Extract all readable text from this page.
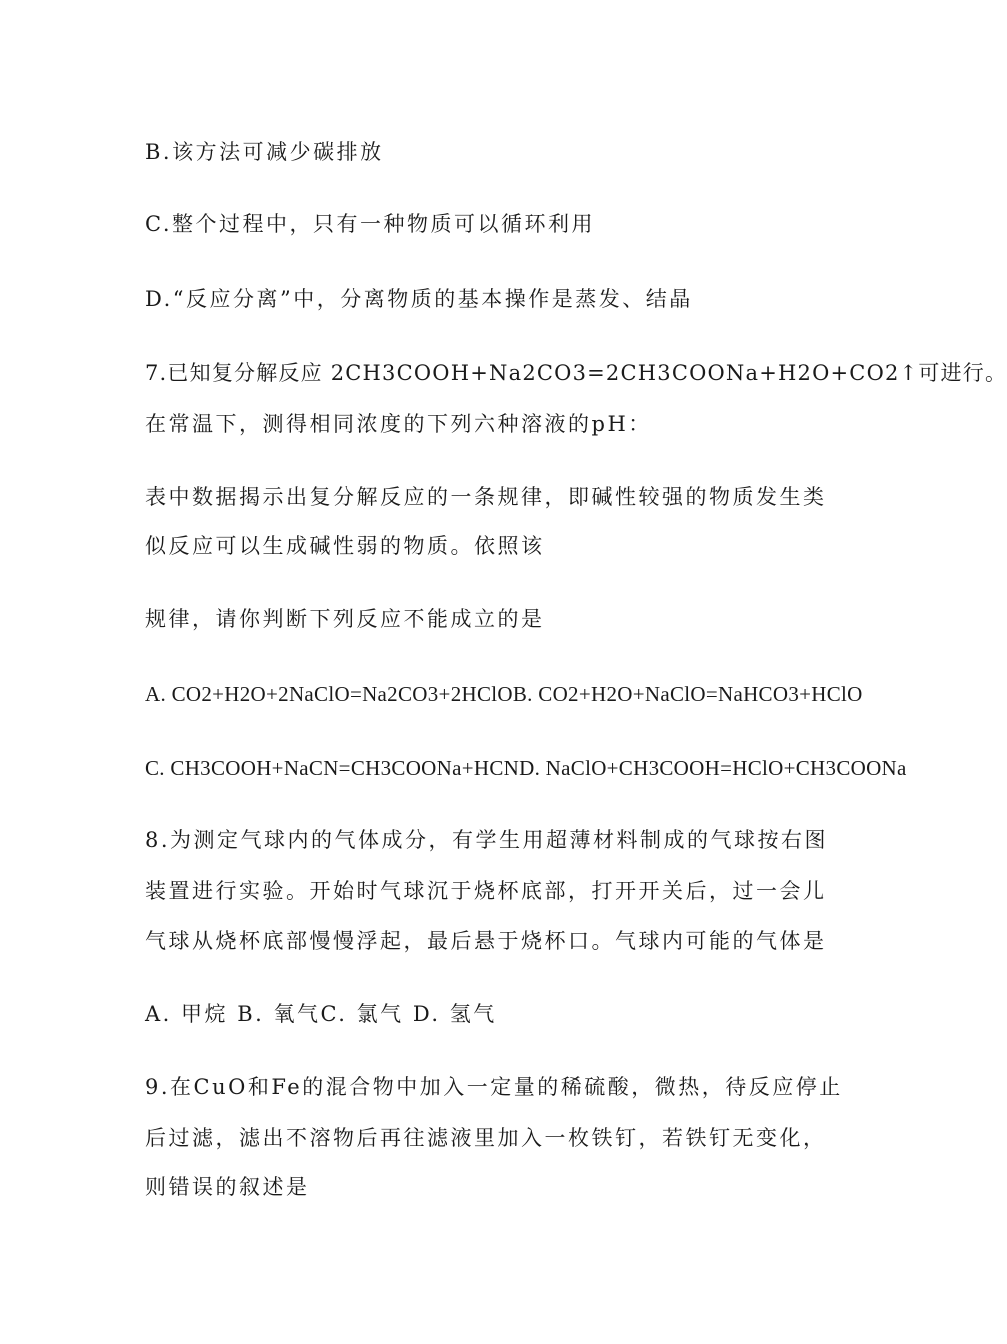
B.该方法可减少碳排放
C.整个过程中，只有一种物质可以循环利用
D.“反应分离”中，分离物质的基本操作是蒸发、结晶
7.已知复分解反应 2CH3COOH+Na2CO3=2CH3COONa+H2O+CO2↑可进行。
在常温下，测得相同浓度的下列六种溶液的pH：
表中数据揭示出复分解反应的一条规律，即碱性较强的物质发生类
似反应可以生成碱性弱的物质。依照该
规律，请你判断下列反应不能成立的是
A. CO2+H2O+2NaClO=Na2CO3+2HClOB. CO2+H2O+NaClO=NaHCO3+HClO
C. CH3COOH+NaCN=CH3COONa+HCND. NaClO+CH3COOH=HClO+CH3COONa
8.为测定气球内的气体成分，有学生用超薄材料制成的气球按右图
装置进行实验。开始时气球沉于烧杯底部，打开开关后，过一会儿
气球从烧杯底部慢慢浮起，最后悬于烧杯口。气球内可能的气体是
A. 甲烷 B. 氧气C. 氯气 D. 氢气
9.在CuO和Fe的混合物中加入一定量的稀硫酸，微热，待反应停止
后过滤，滤出不溶物后再往滤液里加入一枚铁钉，若铁钉无变化，
则错误的叙述是
